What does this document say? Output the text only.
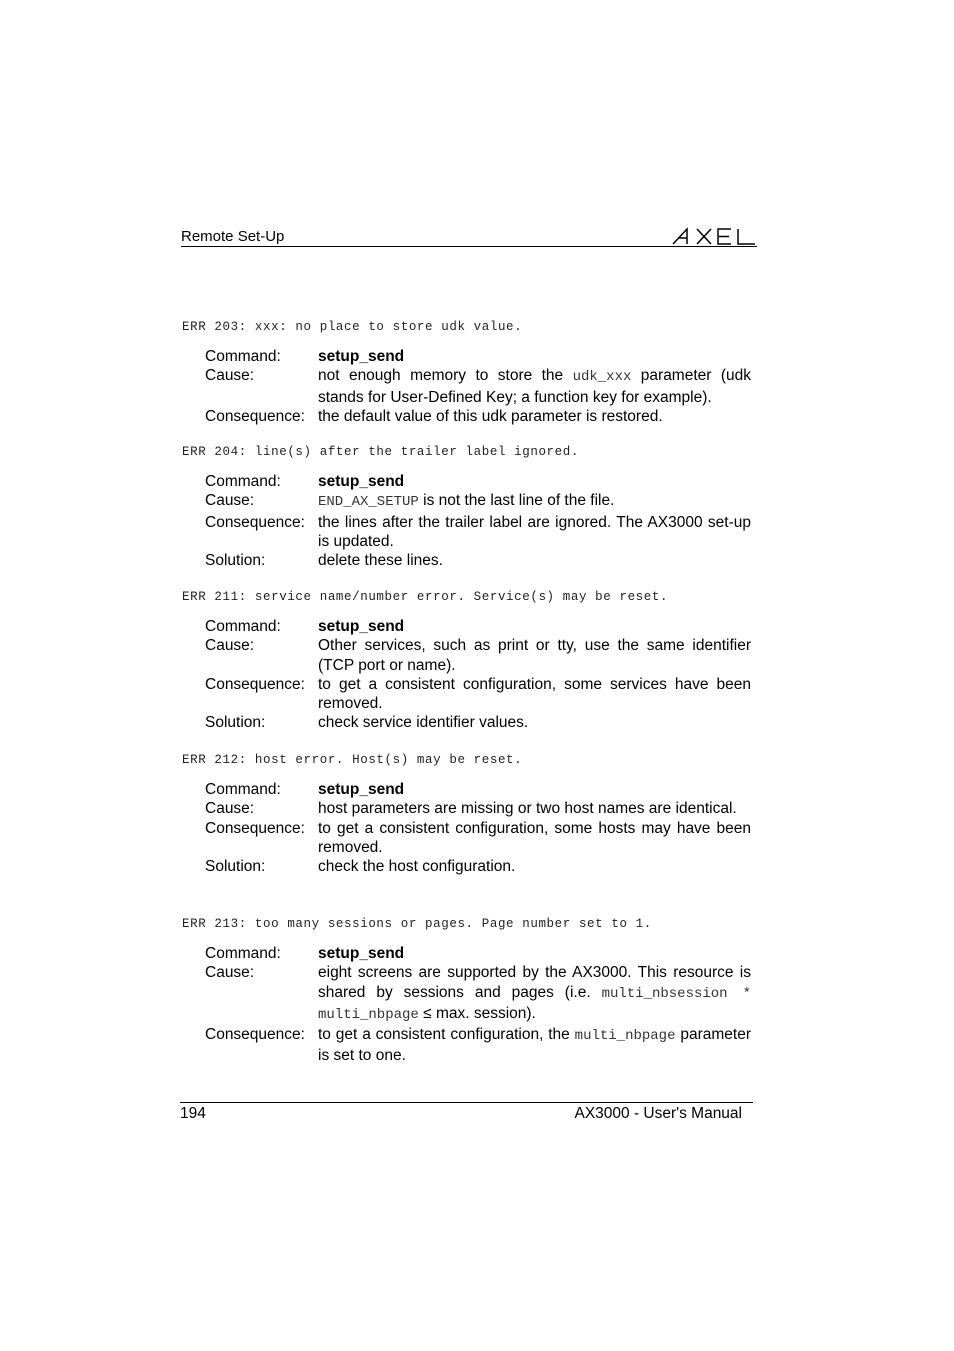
Remote Set-Up
ERR 203: xxx: no place to store udk value.
Command:	setup_send
Cause:	not enough memory to store the udk_xxx parameter (udk stands for User-Defined Key; a function key for example).
Consequence: the default value of this udk parameter is restored.
ERR 204: line(s) after the trailer label ignored.
Command:	setup_send
Cause:	END_AX_SETUP is not the last line of the file.
Consequence: the lines after the trailer label are ignored. The AX3000 set-up is updated.
Solution:	delete these lines.
ERR 211: service name/number error. Service(s) may be reset.
Command:	setup_send
Cause:	Other services, such as print or tty, use the same identifier (TCP port or name).
Consequence: to get a consistent configuration, some services have been removed.
Solution:	check service identifier values.
ERR 212: host error. Host(s) may be reset.
Command:	setup_send
Cause:	host parameters are missing or two host names are identical.
Consequence: to get a consistent configuration, some hosts may have been removed.
Solution:	check the host configuration.
ERR 213: too many sessions or pages. Page number set to 1.
Command:	setup_send
Cause:	eight screens are supported by the AX3000. This resource is shared by sessions and pages (i.e. multi_nbsession * multi_nbpage ≤ max. session).
Consequence: to get a consistent configuration, the multi_nbpage parameter is set to one.
194	AX3000 - User's Manual
